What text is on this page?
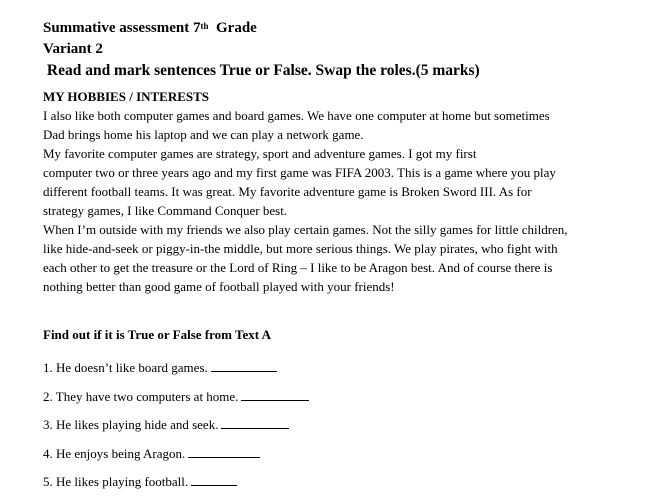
Summative assessment 7th Grade
Variant 2
Read and mark sentences True or False. Swap the roles.(5 marks)
MY HOBBIES / INTERESTS
I also like both computer games and board games. We have one computer at home but sometimes
Dad brings home his laptop and we can play a network game.
My favorite computer games are strategy, sport and adventure games. I got my first
computer two or three years ago and my first game was FIFA 2003. This is a game where you play
different football teams. It was great. My favorite adventure game is Broken Sword III. As for
strategy games, I like Command Conquer best.
When I’m outside with my friends we also play certain games. Not the silly games for little children,
like hide-and-seek or piggy-in-the middle, but more serious things. We play pirates, who fight with
each other to get the treasure or the Lord of Ring – I like to be Aragon best. And of course there is
nothing better than good game of football played with your friends!
Find out if it is True or False from Text A
1. He doesn’t like board games.
2. They have two computers at home.
3. He likes playing hide and seek.
4. He enjoys being Aragon.
5. He likes playing football.
